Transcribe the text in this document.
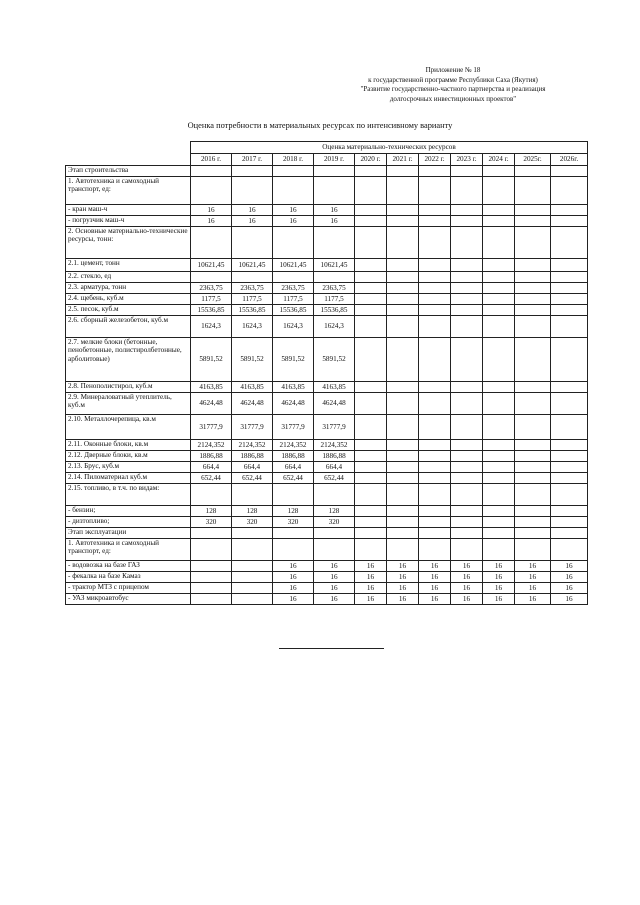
Приложение № 18
к государственной программе Республики Саха (Якутия)
"Развитие государственно-частного партнерства и реализация
долгосрочных инвестиционных проектов"
Оценка потребности в материальных ресурсах по интенсивному варианту
	Оценка материально-технических ресурсов										
	2016 г.	2017 г.	2018 г.	2019 г.	2020 г.	2021 г.	2022 г.	2023 г.	2024 г.	2025г.	2026г.
Этап строительства											
1. Автотехника и самоходный транспорт, ед:											
- кран маш-ч	16	16	16	16							
- погрузчик маш-ч	16	16	16	16							
2. Основные материально-технические ресурсы, тонн:											
2.1. цемент, тонн	10621,45	10621,45	10621,45	10621,45							
2.2. стекло, ед											
2.3. арматура, тонн	2363,75	2363,75	2363,75	2363,75							
2.4. щебень, куб.м	1177,5	1177,5	1177,5	1177,5							
2.5. песок, куб.м	15536,85	15536,85	15536,85	15536,85							
2.6. сборный железобетон, куб.м	1624,3	1624,3	1624,3	1624,3							
2.7. мелкие блоки (бетонные, пенобетонные, полистиролбетонные, арболитовые)	5891,52	5891,52	5891,52	5891,52							
2.8. Пенополистирол, куб.м	4163,85	4163,85	4163,85	4163,85							
2.9. Минераловатный утеплитель, куб.м	4624,48	4624,48	4624,48	4624,48							
2.10. Металлочерепица, кв.м	31777,9	31777,9	31777,9	31777,9							
2.11. Оконные блоки, кв.м	2124,352	2124,352	2124,352	2124,352							
2.12. Дверные блоки, кв.м	1886,88	1886,88	1886,88	1886,88							
2.13. Брус, куб.м	664,4	664,4	664,4	664,4							
2.14. Пиломатериал куб.м	652,44	652,44	652,44	652,44							
2.15. топливо, в т.ч. по видам:											
- бензин;	128	128	128	128							
- дизтопливо;	320	320	320	320							
Этап эксплуатации											
1. Автотехника и самоходный транспорт, ед:											
- водовозка на базе ГАЗ			16	16	16	16	16	16	16	16	16
- фекалка на базе Камаз			16	16	16	16	16	16	16	16	16
- трактор МТЗ с прицепом			16	16	16	16	16	16	16	16	16
- УАЗ микроавтобус			16	16	16	16	16	16	16	16	16
